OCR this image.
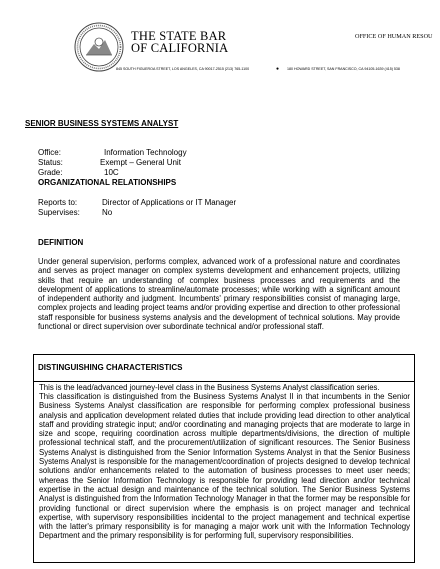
THE STATE BAR
OF CALIFORNIA
OFFICE OF HUMAN RESOU
845 SOUTH FIGUEROA STREET, LOS ANGELES, CA 90017-2515 (213) 765-1100	● 180 HOWARD STREET, SAN FRANCISCO, CA 94105-1639 (415) 538
SENIOR BUSINESS SYSTEMS ANALYST
Office:	Information Technology
Status:	Exempt – General Unit
Grade:	10C
ORGANIZATIONAL RELATIONSHIPS
Reports to:	Director of Applications or IT Manager
Supervises:	No
DEFINITION
Under general supervision, performs complex, advanced work of a professional nature and coordinates and serves as project manager on complex systems development and enhancement projects, utilizing skills that require an understanding of complex business processes and requirements and the development of applications to streamline/automate processes; while working with a significant amount of independent authority and judgment. Incumbents' primary responsibilities consist of managing large, complex projects and leading project teams and/or providing expertise and direction to other professional staff responsible for business systems analysis and the development of technical solutions. May provide functional or direct supervision over subordinate technical and/or professional staff.
DISTINGUISHING CHARACTERISTICS
This is the lead/advanced journey-level class in the Business Systems Analyst classification series.
This classification is distinguished from the Business Systems Analyst II in that incumbents in the Senior Business Systems Analyst classification are responsible for performing complex professional business analysis and application development related duties that include providing lead direction to other analytical staff and providing strategic input; and/or coordinating and managing projects that are moderate to large in size and scope, requiring coordination across multiple departments/divisions, the direction of multiple professional technical staff, and the procurement/utilization of significant resources. The Senior Business Systems Analyst is distinguished from the Senior Information Systems Analyst in that the Senior Business Systems Analyst is responsible for the management/coordination of projects designed to develop technical solutions and/or enhancements related to the automation of business processes to meet user needs; whereas the Senior Information Technology is responsible for providing lead direction and/or technical expertise in the actual design and maintenance of the technical solution. The Senior Business Systems Analyst is distinguished from the Information Technology Manager in that the former may be responsible for providing functional or direct supervision where the emphasis is on project manager and technical expertise, with supervisory responsibilities incidental to the project management and technical expertise with the latter's primary responsibility is for managing a major work unit with the Information Technology Department and the primary responsibility is for performing full, supervisory responsibilities.
